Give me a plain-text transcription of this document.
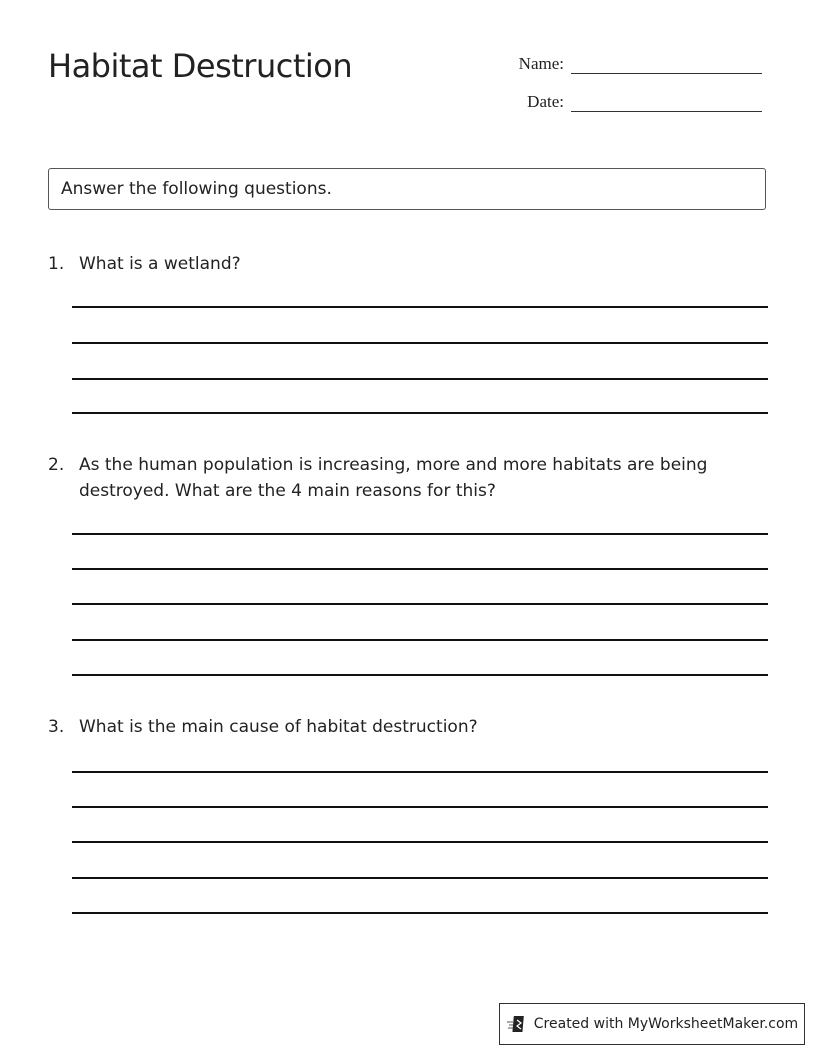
Habitat Destruction	Name:
Date:
Answer the following questions.
1. What is a wetland?
2. As the human population is increasing, more and more habitats are being destroyed. What are the 4 main reasons for this?
3. What is the main cause of habitat destruction?
Created with MyWorksheetMaker.com
